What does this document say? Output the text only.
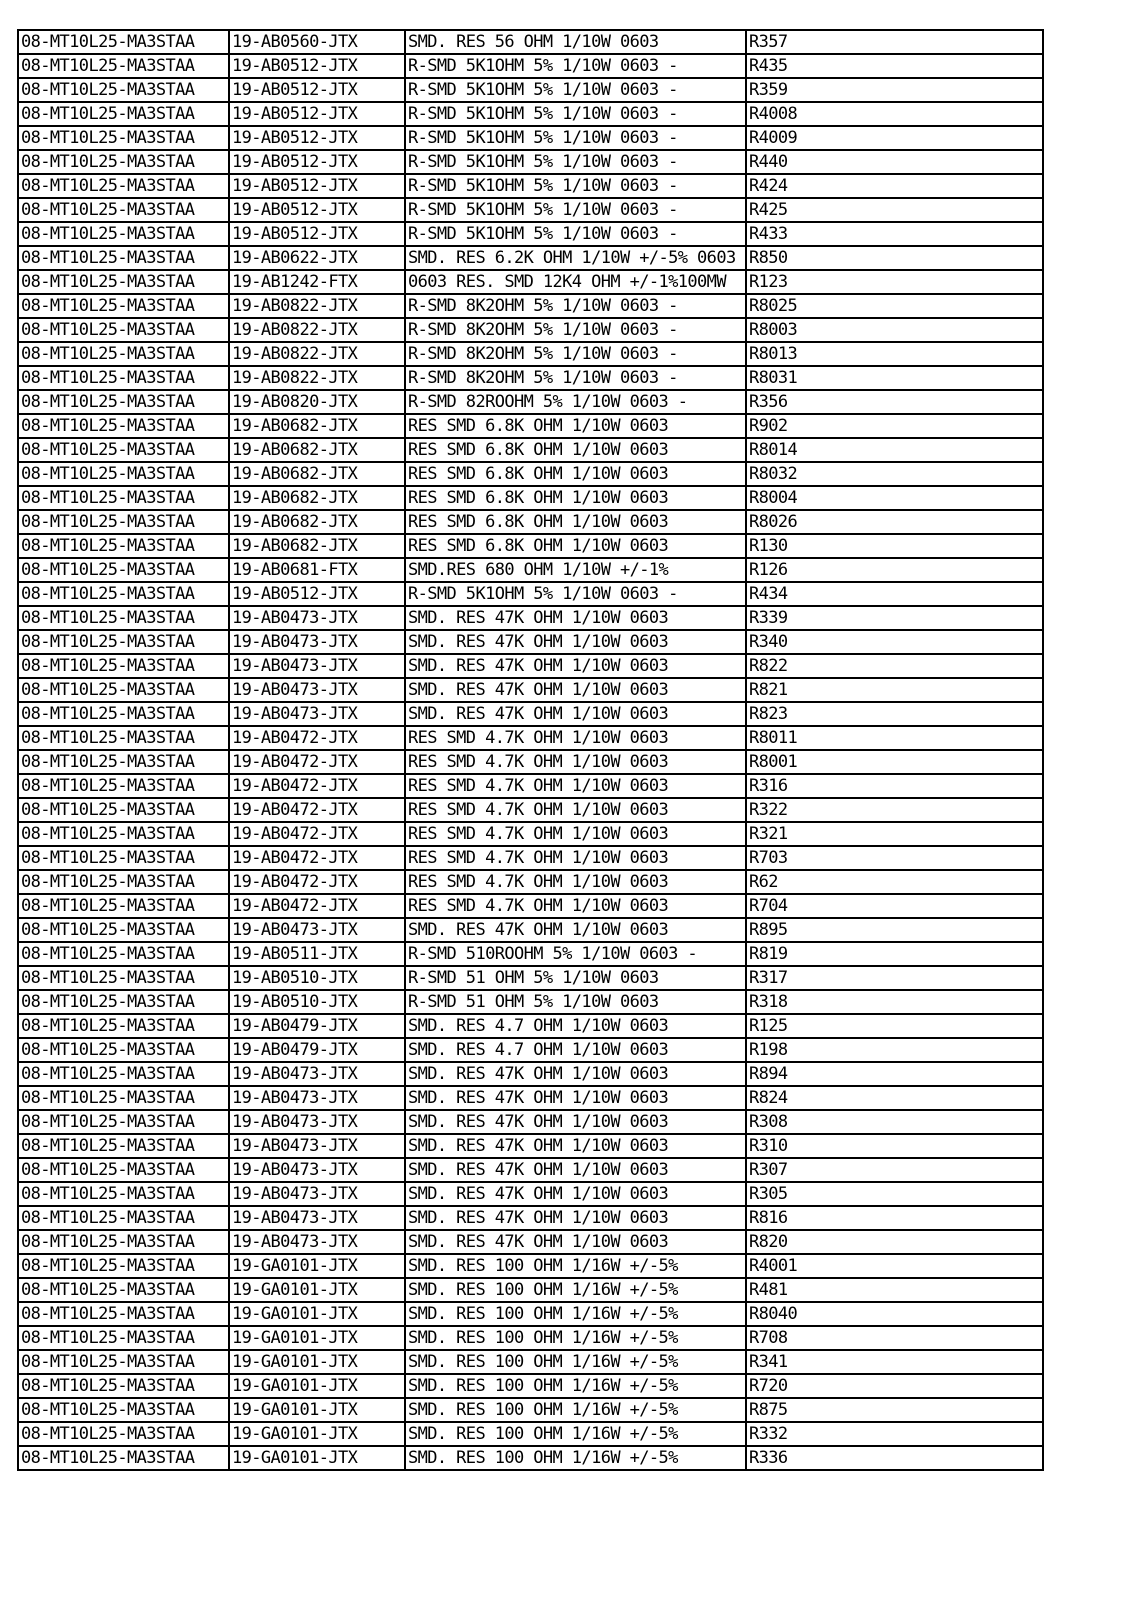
08-MT10L25-MA3STAA	19-AB0560-JTX	SMD. RES 56 OHM 1/10W 0603	R357
08-MT10L25-MA3STAA	19-AB0512-JTX	R-SMD 5K1OHM 5% 1/10W 0603 -	R435
08-MT10L25-MA3STAA	19-AB0512-JTX	R-SMD 5K1OHM 5% 1/10W 0603 -	R359
08-MT10L25-MA3STAA	19-AB0512-JTX	R-SMD 5K1OHM 5% 1/10W 0603 -	R4008
08-MT10L25-MA3STAA	19-AB0512-JTX	R-SMD 5K1OHM 5% 1/10W 0603 -	R4009
08-MT10L25-MA3STAA	19-AB0512-JTX	R-SMD 5K1OHM 5% 1/10W 0603 -	R440
08-MT10L25-MA3STAA	19-AB0512-JTX	R-SMD 5K1OHM 5% 1/10W 0603 -	R424
08-MT10L25-MA3STAA	19-AB0512-JTX	R-SMD 5K1OHM 5% 1/10W 0603 -	R425
08-MT10L25-MA3STAA	19-AB0512-JTX	R-SMD 5K1OHM 5% 1/10W 0603 -	R433
08-MT10L25-MA3STAA	19-AB0622-JTX	SMD. RES 6.2K OHM 1/10W +/-5% 0603	R850
08-MT10L25-MA3STAA	19-AB1242-FTX	0603 RES. SMD 12K4 OHM +/-1%100MW	R123
08-MT10L25-MA3STAA	19-AB0822-JTX	R-SMD 8K2OHM 5% 1/10W 0603 -	R8025
08-MT10L25-MA3STAA	19-AB0822-JTX	R-SMD 8K2OHM 5% 1/10W 0603 -	R8003
08-MT10L25-MA3STAA	19-AB0822-JTX	R-SMD 8K2OHM 5% 1/10W 0603 -	R8013
08-MT10L25-MA3STAA	19-AB0822-JTX	R-SMD 8K2OHM 5% 1/10W 0603 -	R8031
08-MT10L25-MA3STAA	19-AB0820-JTX	R-SMD 82ROOHM 5% 1/10W 0603 -	R356
08-MT10L25-MA3STAA	19-AB0682-JTX	RES SMD 6.8K OHM 1/10W 0603	R902
08-MT10L25-MA3STAA	19-AB0682-JTX	RES SMD 6.8K OHM 1/10W 0603	R8014
08-MT10L25-MA3STAA	19-AB0682-JTX	RES SMD 6.8K OHM 1/10W 0603	R8032
08-MT10L25-MA3STAA	19-AB0682-JTX	RES SMD 6.8K OHM 1/10W 0603	R8004
08-MT10L25-MA3STAA	19-AB0682-JTX	RES SMD 6.8K OHM 1/10W 0603	R8026
08-MT10L25-MA3STAA	19-AB0682-JTX	RES SMD 6.8K OHM 1/10W 0603	R130
08-MT10L25-MA3STAA	19-AB0681-FTX	SMD.RES 680 OHM 1/10W +/-1%	R126
08-MT10L25-MA3STAA	19-AB0512-JTX	R-SMD 5K1OHM 5% 1/10W 0603 -	R434
08-MT10L25-MA3STAA	19-AB0473-JTX	SMD. RES 47K OHM 1/10W 0603	R339
08-MT10L25-MA3STAA	19-AB0473-JTX	SMD. RES 47K OHM 1/10W 0603	R340
08-MT10L25-MA3STAA	19-AB0473-JTX	SMD. RES 47K OHM 1/10W 0603	R822
08-MT10L25-MA3STAA	19-AB0473-JTX	SMD. RES 47K OHM 1/10W 0603	R821
08-MT10L25-MA3STAA	19-AB0473-JTX	SMD. RES 47K OHM 1/10W 0603	R823
08-MT10L25-MA3STAA	19-AB0472-JTX	RES SMD 4.7K OHM 1/10W 0603	R8011
08-MT10L25-MA3STAA	19-AB0472-JTX	RES SMD 4.7K OHM 1/10W 0603	R8001
08-MT10L25-MA3STAA	19-AB0472-JTX	RES SMD 4.7K OHM 1/10W 0603	R316
08-MT10L25-MA3STAA	19-AB0472-JTX	RES SMD 4.7K OHM 1/10W 0603	R322
08-MT10L25-MA3STAA	19-AB0472-JTX	RES SMD 4.7K OHM 1/10W 0603	R321
08-MT10L25-MA3STAA	19-AB0472-JTX	RES SMD 4.7K OHM 1/10W 0603	R703
08-MT10L25-MA3STAA	19-AB0472-JTX	RES SMD 4.7K OHM 1/10W 0603	R62
08-MT10L25-MA3STAA	19-AB0472-JTX	RES SMD 4.7K OHM 1/10W 0603	R704
08-MT10L25-MA3STAA	19-AB0473-JTX	SMD. RES 47K OHM 1/10W 0603	R895
08-MT10L25-MA3STAA	19-AB0511-JTX	R-SMD 510ROOHM 5% 1/10W 0603 -	R819
08-MT10L25-MA3STAA	19-AB0510-JTX	R-SMD 51 OHM 5% 1/10W 0603	R317
08-MT10L25-MA3STAA	19-AB0510-JTX	R-SMD 51 OHM 5% 1/10W 0603	R318
08-MT10L25-MA3STAA	19-AB0479-JTX	SMD. RES 4.7 OHM 1/10W 0603	R125
08-MT10L25-MA3STAA	19-AB0479-JTX	SMD. RES 4.7 OHM 1/10W 0603	R198
08-MT10L25-MA3STAA	19-AB0473-JTX	SMD. RES 47K OHM 1/10W 0603	R894
08-MT10L25-MA3STAA	19-AB0473-JTX	SMD. RES 47K OHM 1/10W 0603	R824
08-MT10L25-MA3STAA	19-AB0473-JTX	SMD. RES 47K OHM 1/10W 0603	R308
08-MT10L25-MA3STAA	19-AB0473-JTX	SMD. RES 47K OHM 1/10W 0603	R310
08-MT10L25-MA3STAA	19-AB0473-JTX	SMD. RES 47K OHM 1/10W 0603	R307
08-MT10L25-MA3STAA	19-AB0473-JTX	SMD. RES 47K OHM 1/10W 0603	R305
08-MT10L25-MA3STAA	19-AB0473-JTX	SMD. RES 47K OHM 1/10W 0603	R816
08-MT10L25-MA3STAA	19-AB0473-JTX	SMD. RES 47K OHM 1/10W 0603	R820
08-MT10L25-MA3STAA	19-GA0101-JTX	SMD. RES 100 OHM 1/16W +/-5%	R4001
08-MT10L25-MA3STAA	19-GA0101-JTX	SMD. RES 100 OHM 1/16W +/-5%	R481
08-MT10L25-MA3STAA	19-GA0101-JTX	SMD. RES 100 OHM 1/16W +/-5%	R8040
08-MT10L25-MA3STAA	19-GA0101-JTX	SMD. RES 100 OHM 1/16W +/-5%	R708
08-MT10L25-MA3STAA	19-GA0101-JTX	SMD. RES 100 OHM 1/16W +/-5%	R341
08-MT10L25-MA3STAA	19-GA0101-JTX	SMD. RES 100 OHM 1/16W +/-5%	R720
08-MT10L25-MA3STAA	19-GA0101-JTX	SMD. RES 100 OHM 1/16W +/-5%	R875
08-MT10L25-MA3STAA	19-GA0101-JTX	SMD. RES 100 OHM 1/16W +/-5%	R332
08-MT10L25-MA3STAA	19-GA0101-JTX	SMD. RES 100 OHM 1/16W +/-5%	R336
